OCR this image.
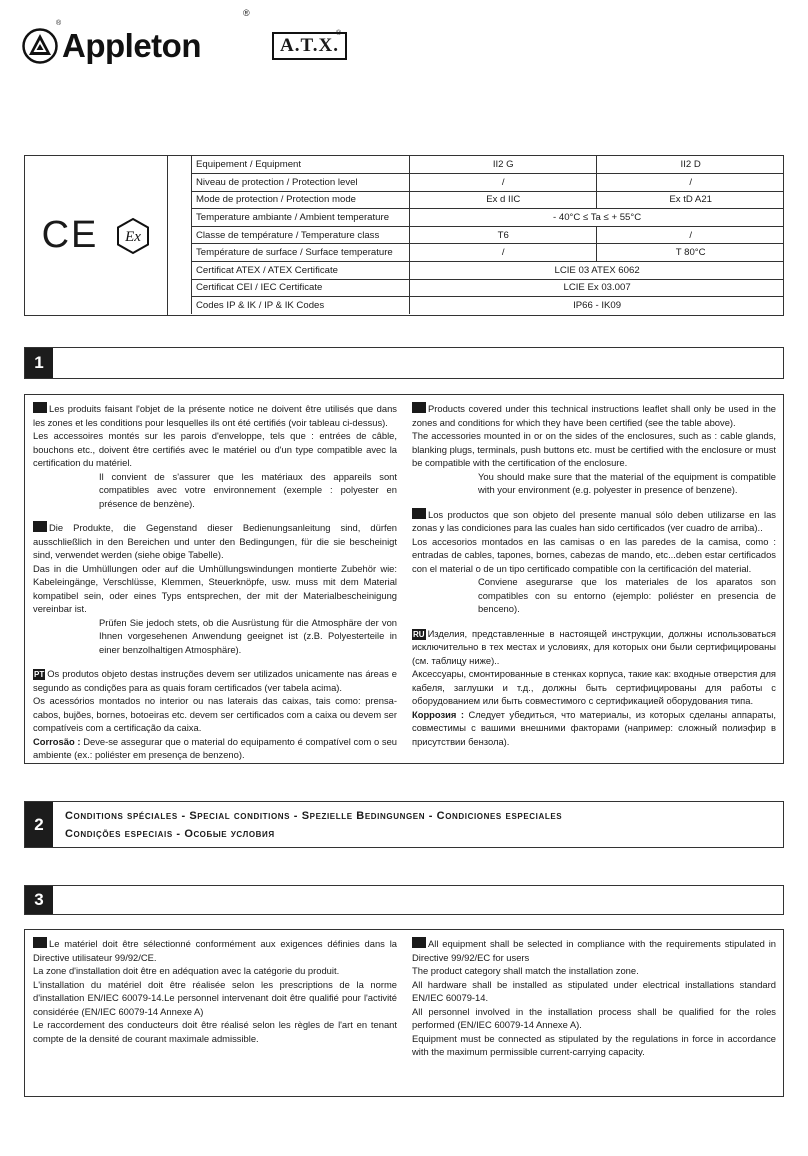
Appleton
®
®
A.T.X.
®
CE Ex
Equipement / Equipment	II2 G	II2 D
Niveau de protection / Protection level	/	/
Mode de protection / Protection mode	Ex d IIC	Ex tD A21
Temperature ambiante / Ambient temperature	- 40°C ≤ Ta ≤ + 55°C	
Classe de température / Temperature class	T6	/
Température de surface / Surface temperature	/	T 80°C
Certificat ATEX / ATEX Certificate	LCIE 03 ATEX 6062	
Certificat CEI / IEC Certificate	LCIE Ex 03.007	
Codes IP & IK / IP & IK Codes	IP66 - IK09	
1

Les produits faisant l'objet de la présente notice ne doivent être utilisés que dans les zones et les conditions pour lesquelles ils ont été certifiés (voir tableau ci-dessus).

Les accessoires montés sur les parois d'enveloppe, tels que : entrées de câble, bouchons etc., doivent être certifiés avec le matériel ou d'un type compatible avec la certification du matériel.

Il convient de s'assurer que les matériaux des appareils sont compatibles avec votre environnement (exemple : polyester en présence de benzène).

Die Produkte, die Gegenstand dieser Bedienungsanleitung sind, dürfen ausschließlich in den Bereichen und unter den Bedingungen, für die sie bescheinigt sind, verwendet werden (siehe obige Tabelle).

Das in die Umhüllungen oder auf die Umhüllungswindungen montierte Zubehör wie: Kabeleingänge, Verschlüsse, Klemmen, Steuerknöpfe, usw. muss mit dem Material kompatibel sein, oder eines Typs entsprechen, der mit der Materialbescheinigung vereinbar ist.

Prüfen Sie jedoch stets, ob die Ausrüstung für die Atmosphäre der von Ihnen vorgesehenen Anwendung geeignet ist (z.B. Polyesterteile in einer benzolhaltigen Atmosphäre).

PT Os produtos objeto destas instruções devem ser utilizados unicamente nas áreas e segundo as condições para as quais foram certificados (ver tabela acima).

Os acessórios montados no interior ou nas laterais das caixas, tais como: prensa-cabos, bujões, bornes, botoeiras etc. devem ser certificados com a caixa ou devem ser compatíveis com a certificação da caixa.

Corrosão : Deve-se assegurar que o material do equipamento é compatível com o seu ambiente (ex.: poliéster em presença de benzeno).

Products covered under this technical instructions leaflet shall only be used in the zones and conditions for which they have been certified (see the table above).

The accessories mounted in or on the sides of the enclosures, such as : cable glands, blanking plugs, terminals, push buttons etc. must be certified with the enclosure or must be compatible with the certification of the enclosure.

You should make sure that the material of the equipment is compatible with your environment (e.g. polyester in presence of benzene).

Los productos que son objeto del presente manual sólo deben utilizarse en las zonas y las condiciones para las cuales han sido certificados (ver cuadro de arriba)..

Los accesorios montados en las camisas o en las paredes de la camisa, como : entradas de cables, tapones, bornes, cabezas de mando, etc...deben estar certificados con el material o de un tipo certificado compatible con la certificación del material.

Conviene asegurarse que los materiales de los aparatos son compatibles con su entorno (ejemplo: poliéster en presencia de benceno).

RU Изделия, представленные в настоящей инструкции, должны использоваться исключительно в тех местах и условиях, для которых они были сертифицированы (см. таблицу ниже)..

Аксессуары, смонтированные в стенках корпуса, такие как: входные отверстия для кабеля, заглушки и т.д., должны быть сертифицированы для работы с оборудованием или быть совместимого с сертификацией оборудования типа.

Коррозия : Следует убедиться, что материалы, из которых сделаны аппараты, совместимы с вашими внешними факторами (например: сложный полиэфир в присутствии бензола).

2	Conditions spéciales - Special conditions - Spezielle Bedingungen - Condiciones especiales
Condições especiais - Особые условия
3

Le matériel doit être sélectionné conformément aux exigences définies dans la Directive utilisateur 99/92/CE.

La zone d'installation doit être en adéquation avec la catégorie du produit.

L'installation du matériel doit être réalisée selon les prescriptions de la norme d'installation EN/IEC 60079-14.Le personnel intervenant doit être qualifié pour l'activité considérée (EN/IEC 60079-14 Annexe A)

Le raccordement des conducteurs doit être réalisé selon les règles de l'art en tenant compte de la densité de courant maximale admissible.

All equipment shall be selected in compliance with the requirements stipulated in Directive 99/92/EC for users

The product category shall match the installation zone.

All hardware shall be installed as stipulated under electrical installations standard EN/IEC 60079-14.

All personnel involved in the installation process shall be qualified for the roles performed (EN/IEC 60079-14 Annexe A).

Equipment must be connected as stipulated by the regulations in force in accordance with the maximum permissible current-carrying capacity.
